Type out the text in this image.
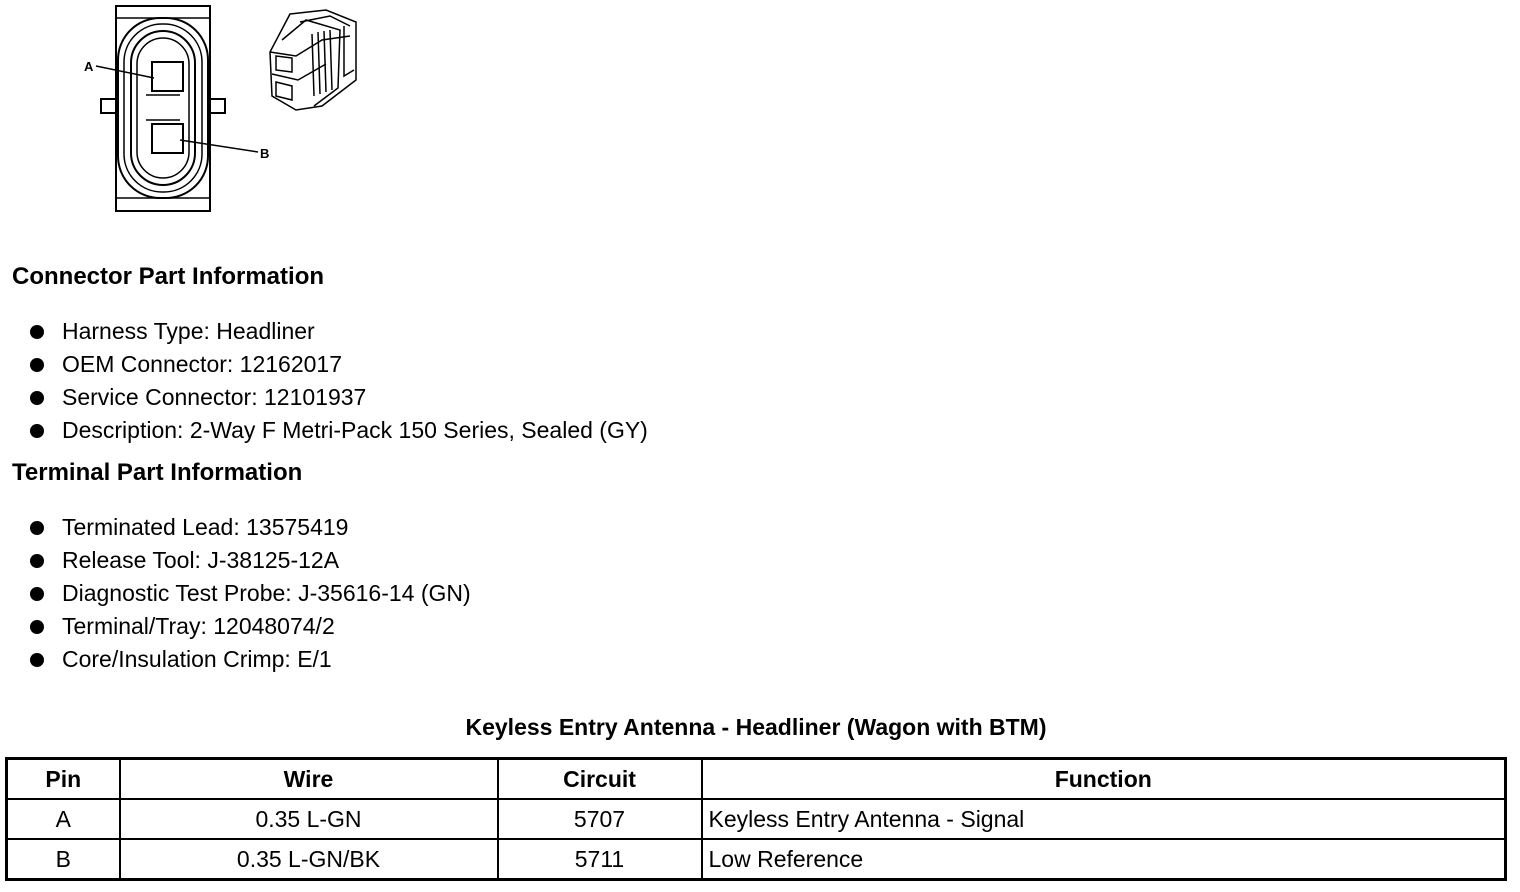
A
B
Connector Part Information
Harness Type: Headliner
OEM Connector: 12162017
Service Connector: 12101937
Description: 2-Way F Metri-Pack 150 Series, Sealed (GY)
Terminal Part Information
Terminated Lead: 13575419
Release Tool: J-38125-12A
Diagnostic Test Probe: J-35616-14 (GN)
Terminal/Tray: 12048074/2
Core/Insulation Crimp: E/1
Keyless Entry Antenna - Headliner (Wagon with BTM)
Pin	Wire	Circuit	Function
A	0.35 L-GN	5707	Keyless Entry Antenna - Signal
B	0.35 L-GN/BK	5711	Low Reference
